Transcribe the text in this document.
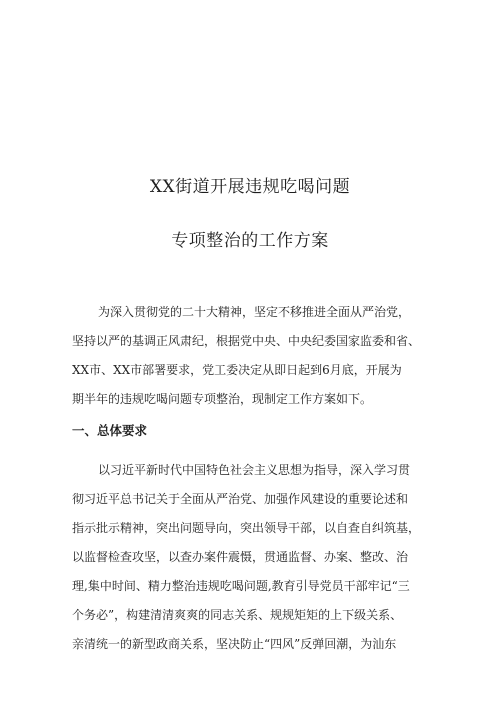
XX街道开展违规吃喝问题
专项整治的工作方案
为深入贯彻党的二十大精神，坚定不移推进全面从严治党，
坚持以严的基调正风肃纪，根据党中央、中央纪委国家监委和省、
XX市、XX市部署要求，党工委决定从即日起到6月底，开展为
期半年的违规吃喝问题专项整治，现制定工作方案如下。
一、总体要求
以习近平新时代中国特色社会主义思想为指导，深入学习贯
彻习近平总书记关于全面从严治党、加强作风建设的重要论述和
指示批示精神，突出问题导向，突出领导干部，以自查自纠筑基，
以监督检查攻坚，以查办案件震慑，贯通监督、办案、整改、治
理,集中时间、精力整治违规吃喝问题,教育引导党员干部牢记“三
个务必”，构建清清爽爽的同志关系、规规矩矩的上下级关系、
亲清统一的新型政商关系，坚决防止“四风”反弹回潮，为汕东
